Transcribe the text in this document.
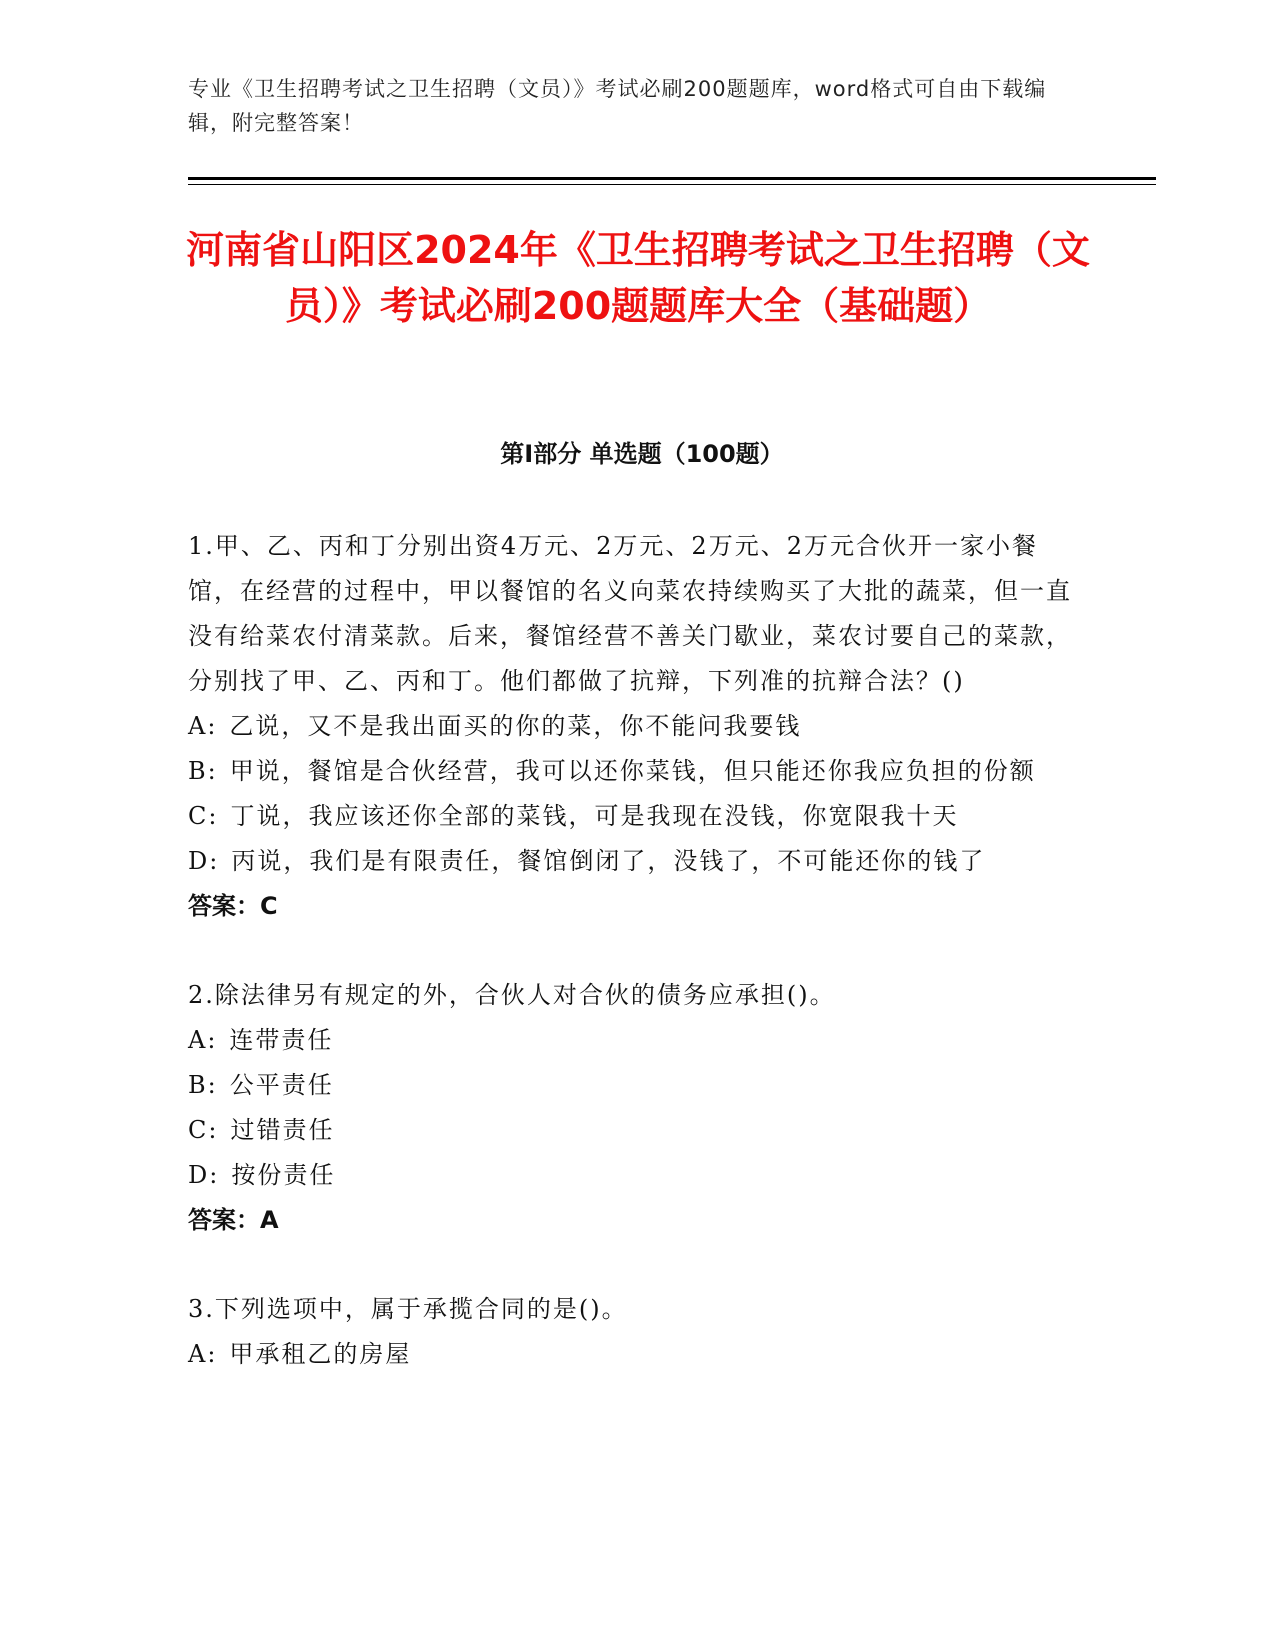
专业《卫生招聘考试之卫生招聘（文员）》考试必刷200题题库，word格式可自由下载编辑，附完整答案！
河南省山阳区2024年《卫生招聘考试之卫生招聘（文员）》考试必刷200题题库大全（基础题）
第Ⅰ部分 单选题（100题）
1.甲、乙、丙和丁分别出资4万元、2万元、2万元、2万元合伙开一家小餐馆，在经营的过程中，甲以餐馆的名义向菜农持续购买了大批的蔬菜，但一直没有给菜农付清菜款。后来，餐馆经营不善关门歇业，菜农讨要自己的菜款，分别找了甲、乙、丙和丁。他们都做了抗辩，下列准的抗辩合法？()
A: 乙说，又不是我出面买的你的菜，你不能问我要钱
B: 甲说，餐馆是合伙经营，我可以还你菜钱，但只能还你我应负担的份额
C: 丁说，我应该还你全部的菜钱，可是我现在没钱，你宽限我十天
D: 丙说，我们是有限责任，餐馆倒闭了，没钱了，不可能还你的钱了
答案：C
2.除法律另有规定的外，合伙人对合伙的债务应承担()。
A: 连带责任
B: 公平责任
C: 过错责任
D: 按份责任
答案：A
3.下列选项中，属于承揽合同的是()。
A: 甲承租乙的房屋
